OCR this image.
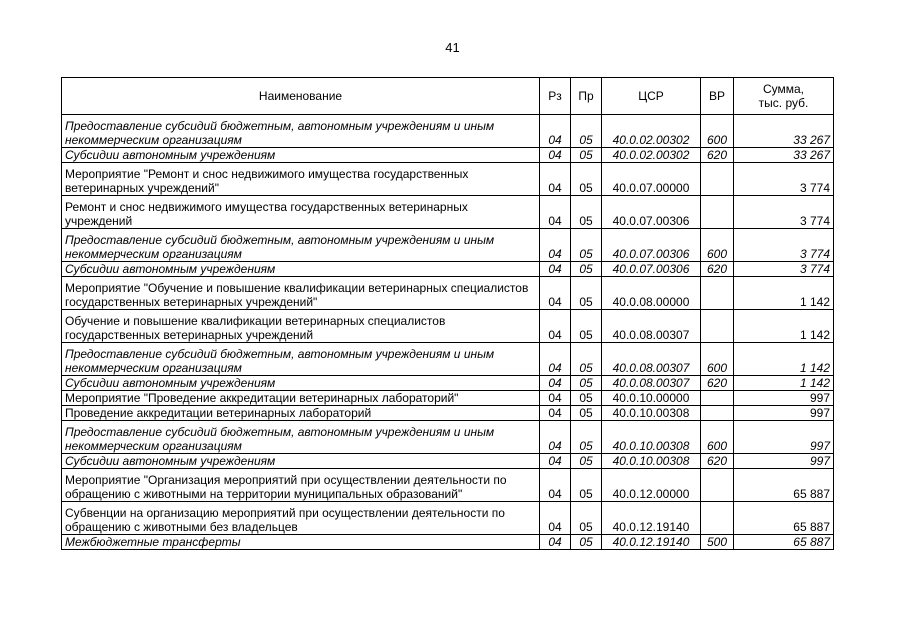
41
Наименование	Рз	Пр	ЦСР	ВР	Сумма,
тыс. руб.
Предоставление субсидий бюджетным, автономным учреждениям и иным некоммерческим организациям	04	05	40.0.02.00302	600	33 267
Субсидии автономным учреждениям	04	05	40.0.02.00302	620	33 267
Мероприятие "Ремонт и снос недвижимого имущества государственных ветеринарных учреждений"	04	05	40.0.07.00000		3 774
Ремонт и снос недвижимого имущества государственных ветеринарных учреждений	04	05	40.0.07.00306		3 774
Предоставление субсидий бюджетным, автономным учреждениям и иным некоммерческим организациям	04	05	40.0.07.00306	600	3 774
Субсидии автономным учреждениям	04	05	40.0.07.00306	620	3 774
Мероприятие "Обучение и повышение квалификации ветеринарных специалистов государственных ветеринарных учреждений"	04	05	40.0.08.00000		1 142
Обучение и повышение квалификации ветеринарных специалистов государственных ветеринарных учреждений	04	05	40.0.08.00307		1 142
Предоставление субсидий бюджетным, автономным учреждениям и иным некоммерческим организациям	04	05	40.0.08.00307	600	1 142
Субсидии автономным учреждениям	04	05	40.0.08.00307	620	1 142
Мероприятие "Проведение аккредитации ветеринарных лабораторий"	04	05	40.0.10.00000		997
Проведение аккредитации ветеринарных лабораторий	04	05	40.0.10.00308		997
Предоставление субсидий бюджетным, автономным учреждениям и иным некоммерческим организациям	04	05	40.0.10.00308	600	997
Субсидии автономным учреждениям	04	05	40.0.10.00308	620	997
Мероприятие "Организация мероприятий при осуществлении деятельности по обращению с животными на территории муниципальных образований"	04	05	40.0.12.00000		65 887
Субвенции на организацию мероприятий при осуществлении деятельности по обращению с животными без владельцев	04	05	40.0.12.19140		65 887
Межбюджетные трансферты	04	05	40.0.12.19140	500	65 887
